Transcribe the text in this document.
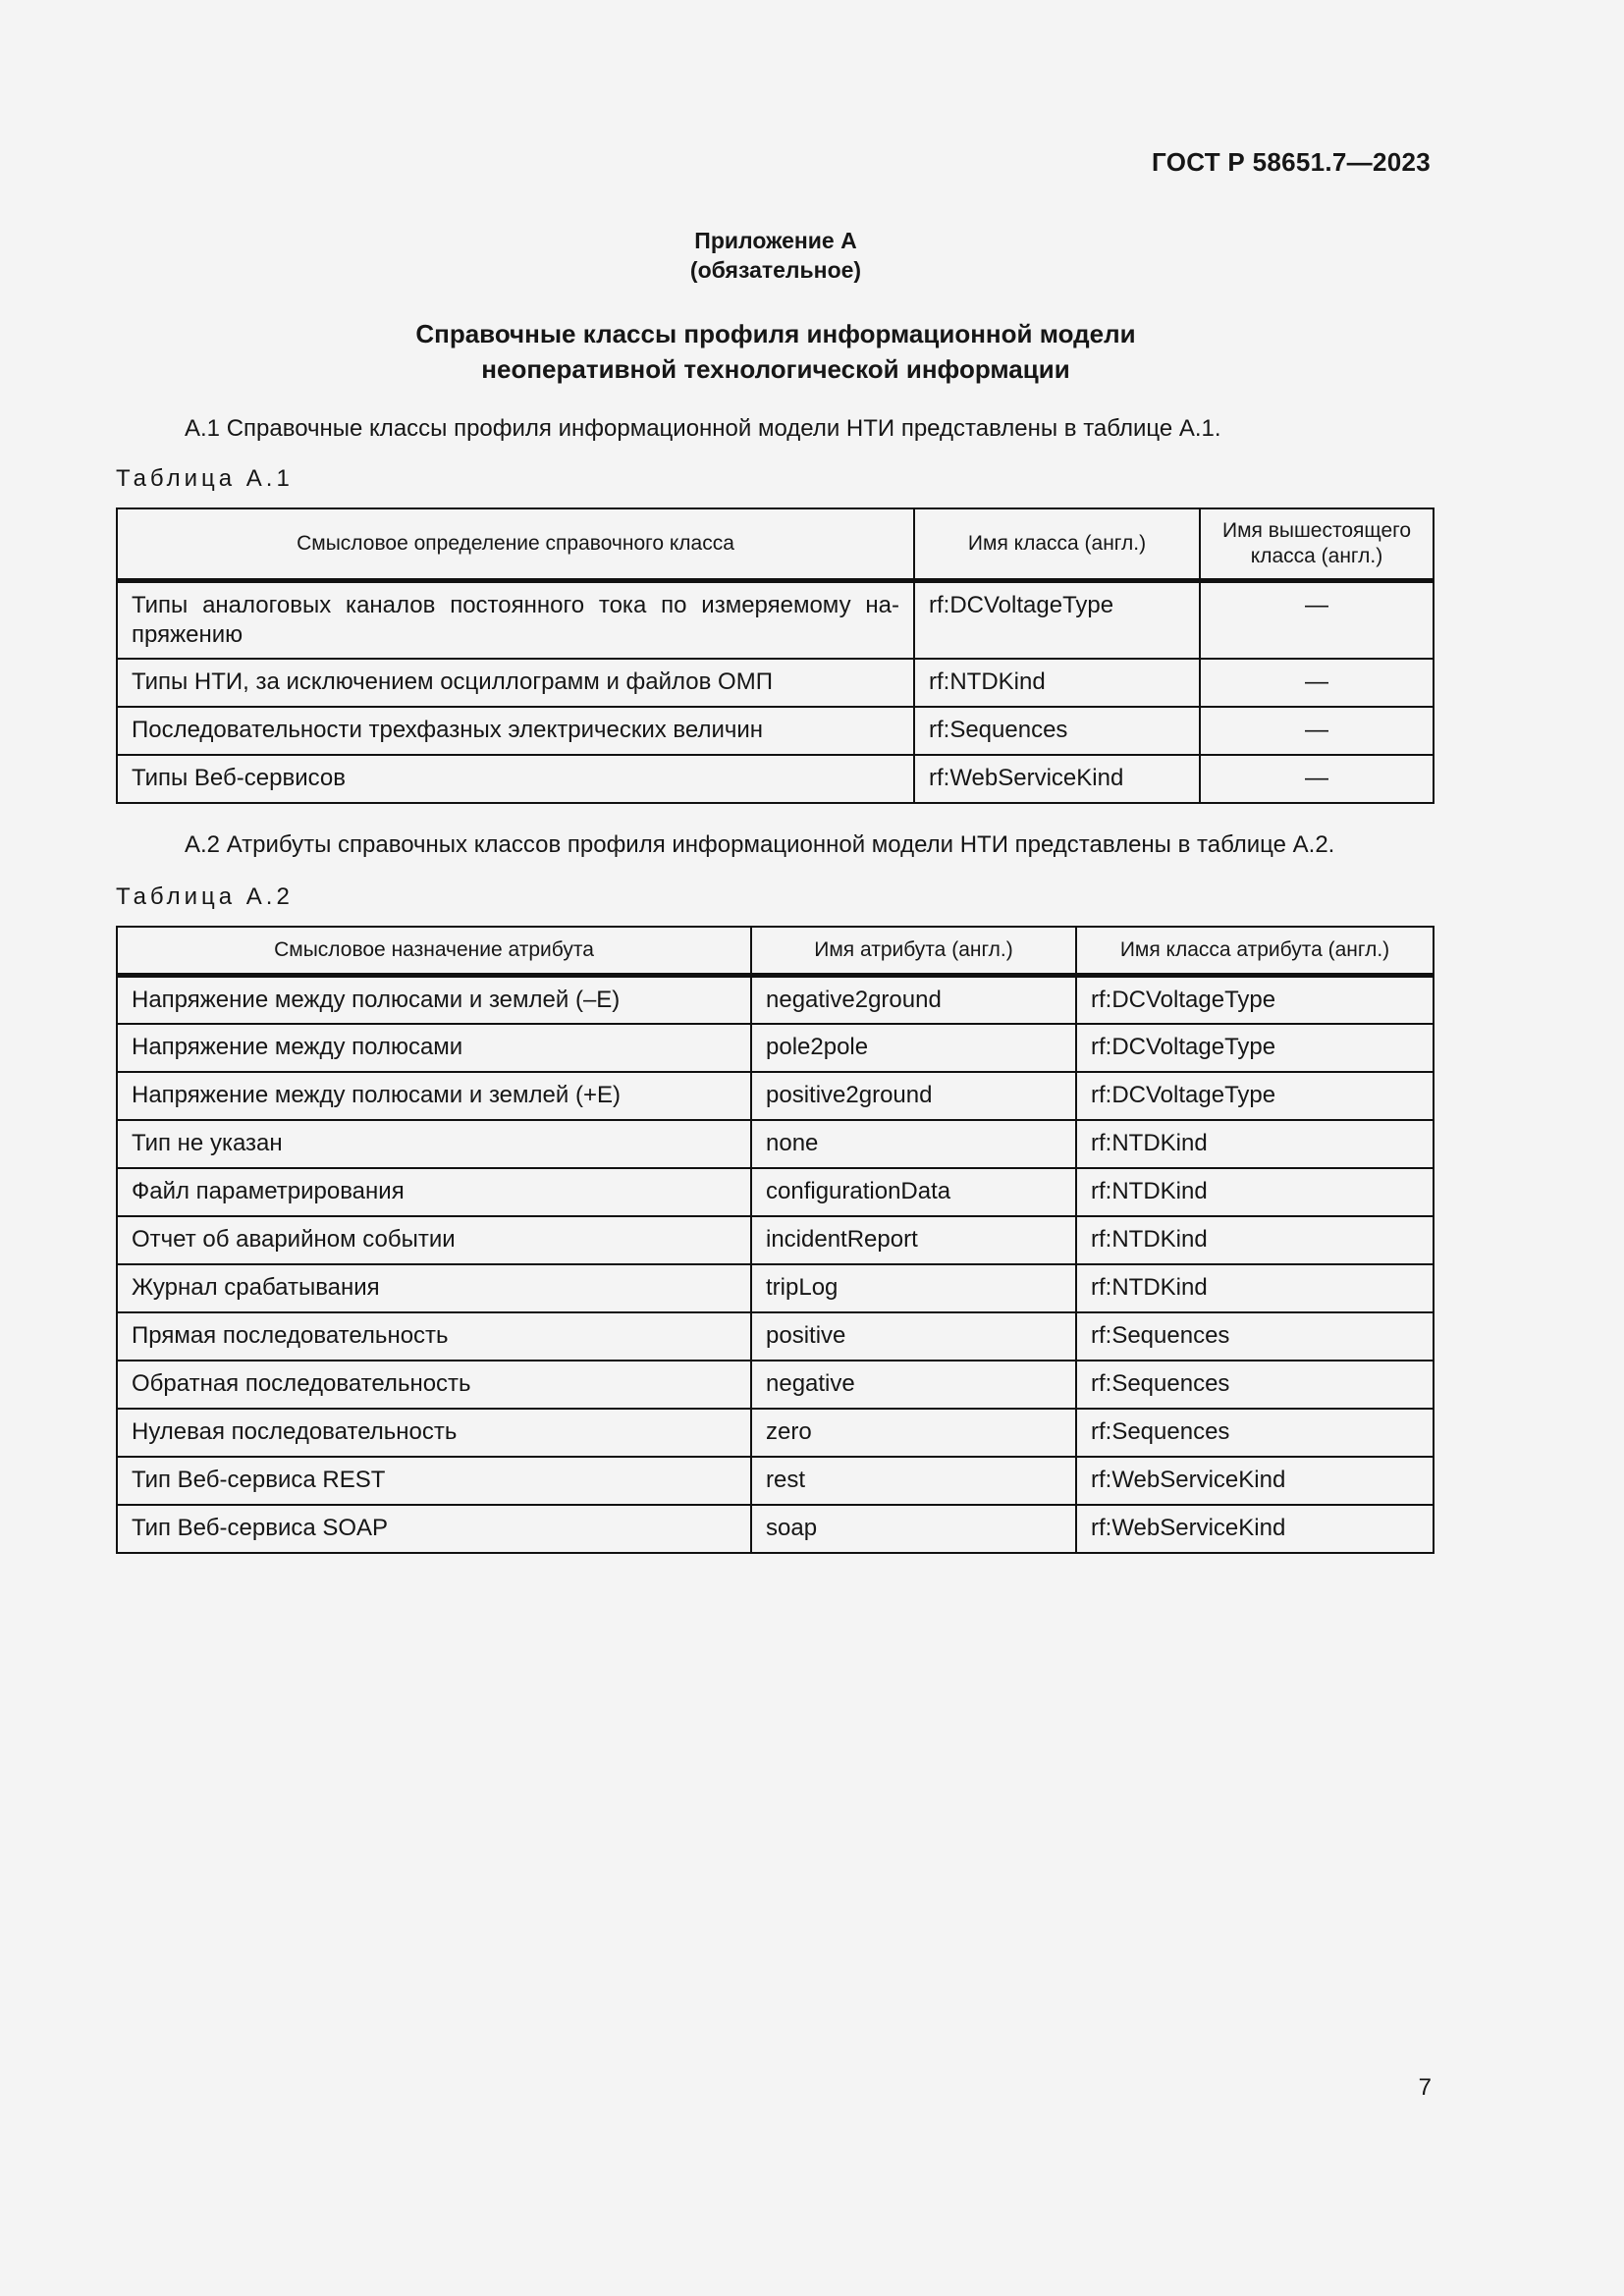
ГОСТ Р 58651.7—2023
Приложение А
(обязательное)
Справочные классы профиля информационной модели
неоперативной технологической информации
А.1 Справочные классы профиля информационной модели НТИ представлены в таблице А.1.
Таблица А.1
Смысловое определение справочного класса	Имя класса (англ.)	Имя вышестоящего класса (англ.)
Типы аналоговых каналов постоянного тока по измеряемому на-пряжению	rf:DCVoltageType	—
Типы НТИ, за исключением осциллограмм и файлов ОМП	rf:NTDKind	—
Последовательности трехфазных электрических величин	rf:Sequences	—
Типы Веб-сервисов	rf:WebServiceKind	—
А.2 Атрибуты справочных классов профиля информационной модели НТИ представлены в таблице А.2.
Таблица А.2
Смысловое назначение атрибута	Имя атрибута (англ.)	Имя класса атрибута (англ.)
Напряжение между полюсами и землей (–E)	negative2ground	rf:DCVoltageType
Напряжение между полюсами	pole2pole	rf:DCVoltageType
Напряжение между полюсами и землей (+E)	positive2ground	rf:DCVoltageType
Тип не указан	none	rf:NTDKind
Файл параметрирования	configurationData	rf:NTDKind
Отчет об аварийном событии	incidentReport	rf:NTDKind
Журнал срабатывания	tripLog	rf:NTDKind
Прямая последовательность	positive	rf:Sequences
Обратная последовательность	negative	rf:Sequences
Нулевая последовательность	zero	rf:Sequences
Тип Веб-сервиса REST	rest	rf:WebServiceKind
Тип Веб-сервиса SOAP	soap	rf:WebServiceKind
7
